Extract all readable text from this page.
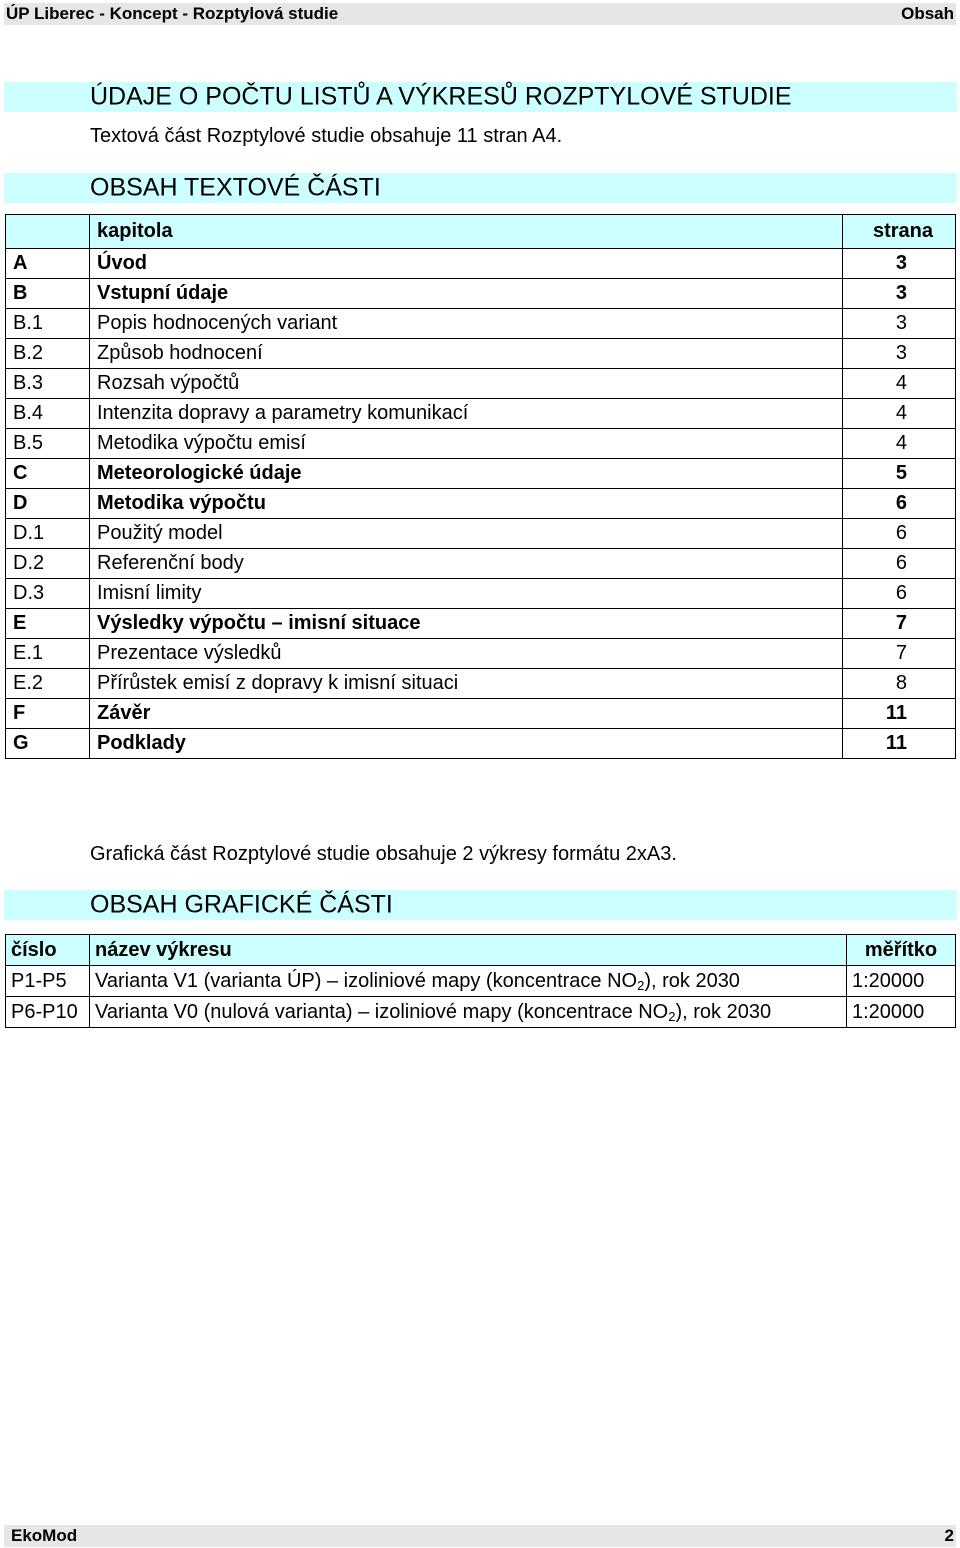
ÚP Liberec - Koncept - Rozptylová studie	Obsah
ÚDAJE O POČTU LISTŮ A VÝKRESŮ ROZPTYLOVÉ STUDIE
Textová část Rozptylové studie obsahuje 11 stran A4.
OBSAH TEXTOVÉ ČÁSTI
	kapitola	strana
A	Úvod	3
B	Vstupní údaje	3
B.1	Popis hodnocených variant	3
B.2	Způsob hodnocení	3
B.3	Rozsah výpočtů	4
B.4	Intenzita dopravy a parametry komunikací	4
B.5	Metodika výpočtu emisí	4
C	Meteorologické údaje	5
D	Metodika výpočtu	6
D.1	Použitý model	6
D.2	Referenční body	6
D.3	Imisní limity	6
E	Výsledky výpočtu – imisní situace	7
E.1	Prezentace výsledků	7
E.2	Přírůstek emisí z dopravy k imisní situaci	8
F	Závěr	11
G	Podklady	11
Grafická část Rozptylové studie obsahuje 2 výkresy formátu 2xA3.
OBSAH GRAFICKÉ ČÁSTI
číslo	název výkresu	měřítko
P1-P5	Varianta V1 (varianta ÚP) – izoliniové mapy (koncentrace $NO_2$), rok 2030	1:20000
P6-P10	Varianta V0 (nulová varianta) – izoliniové mapy (koncentrace $NO_2$), rok 2030	1:20000
EkoMod	2
